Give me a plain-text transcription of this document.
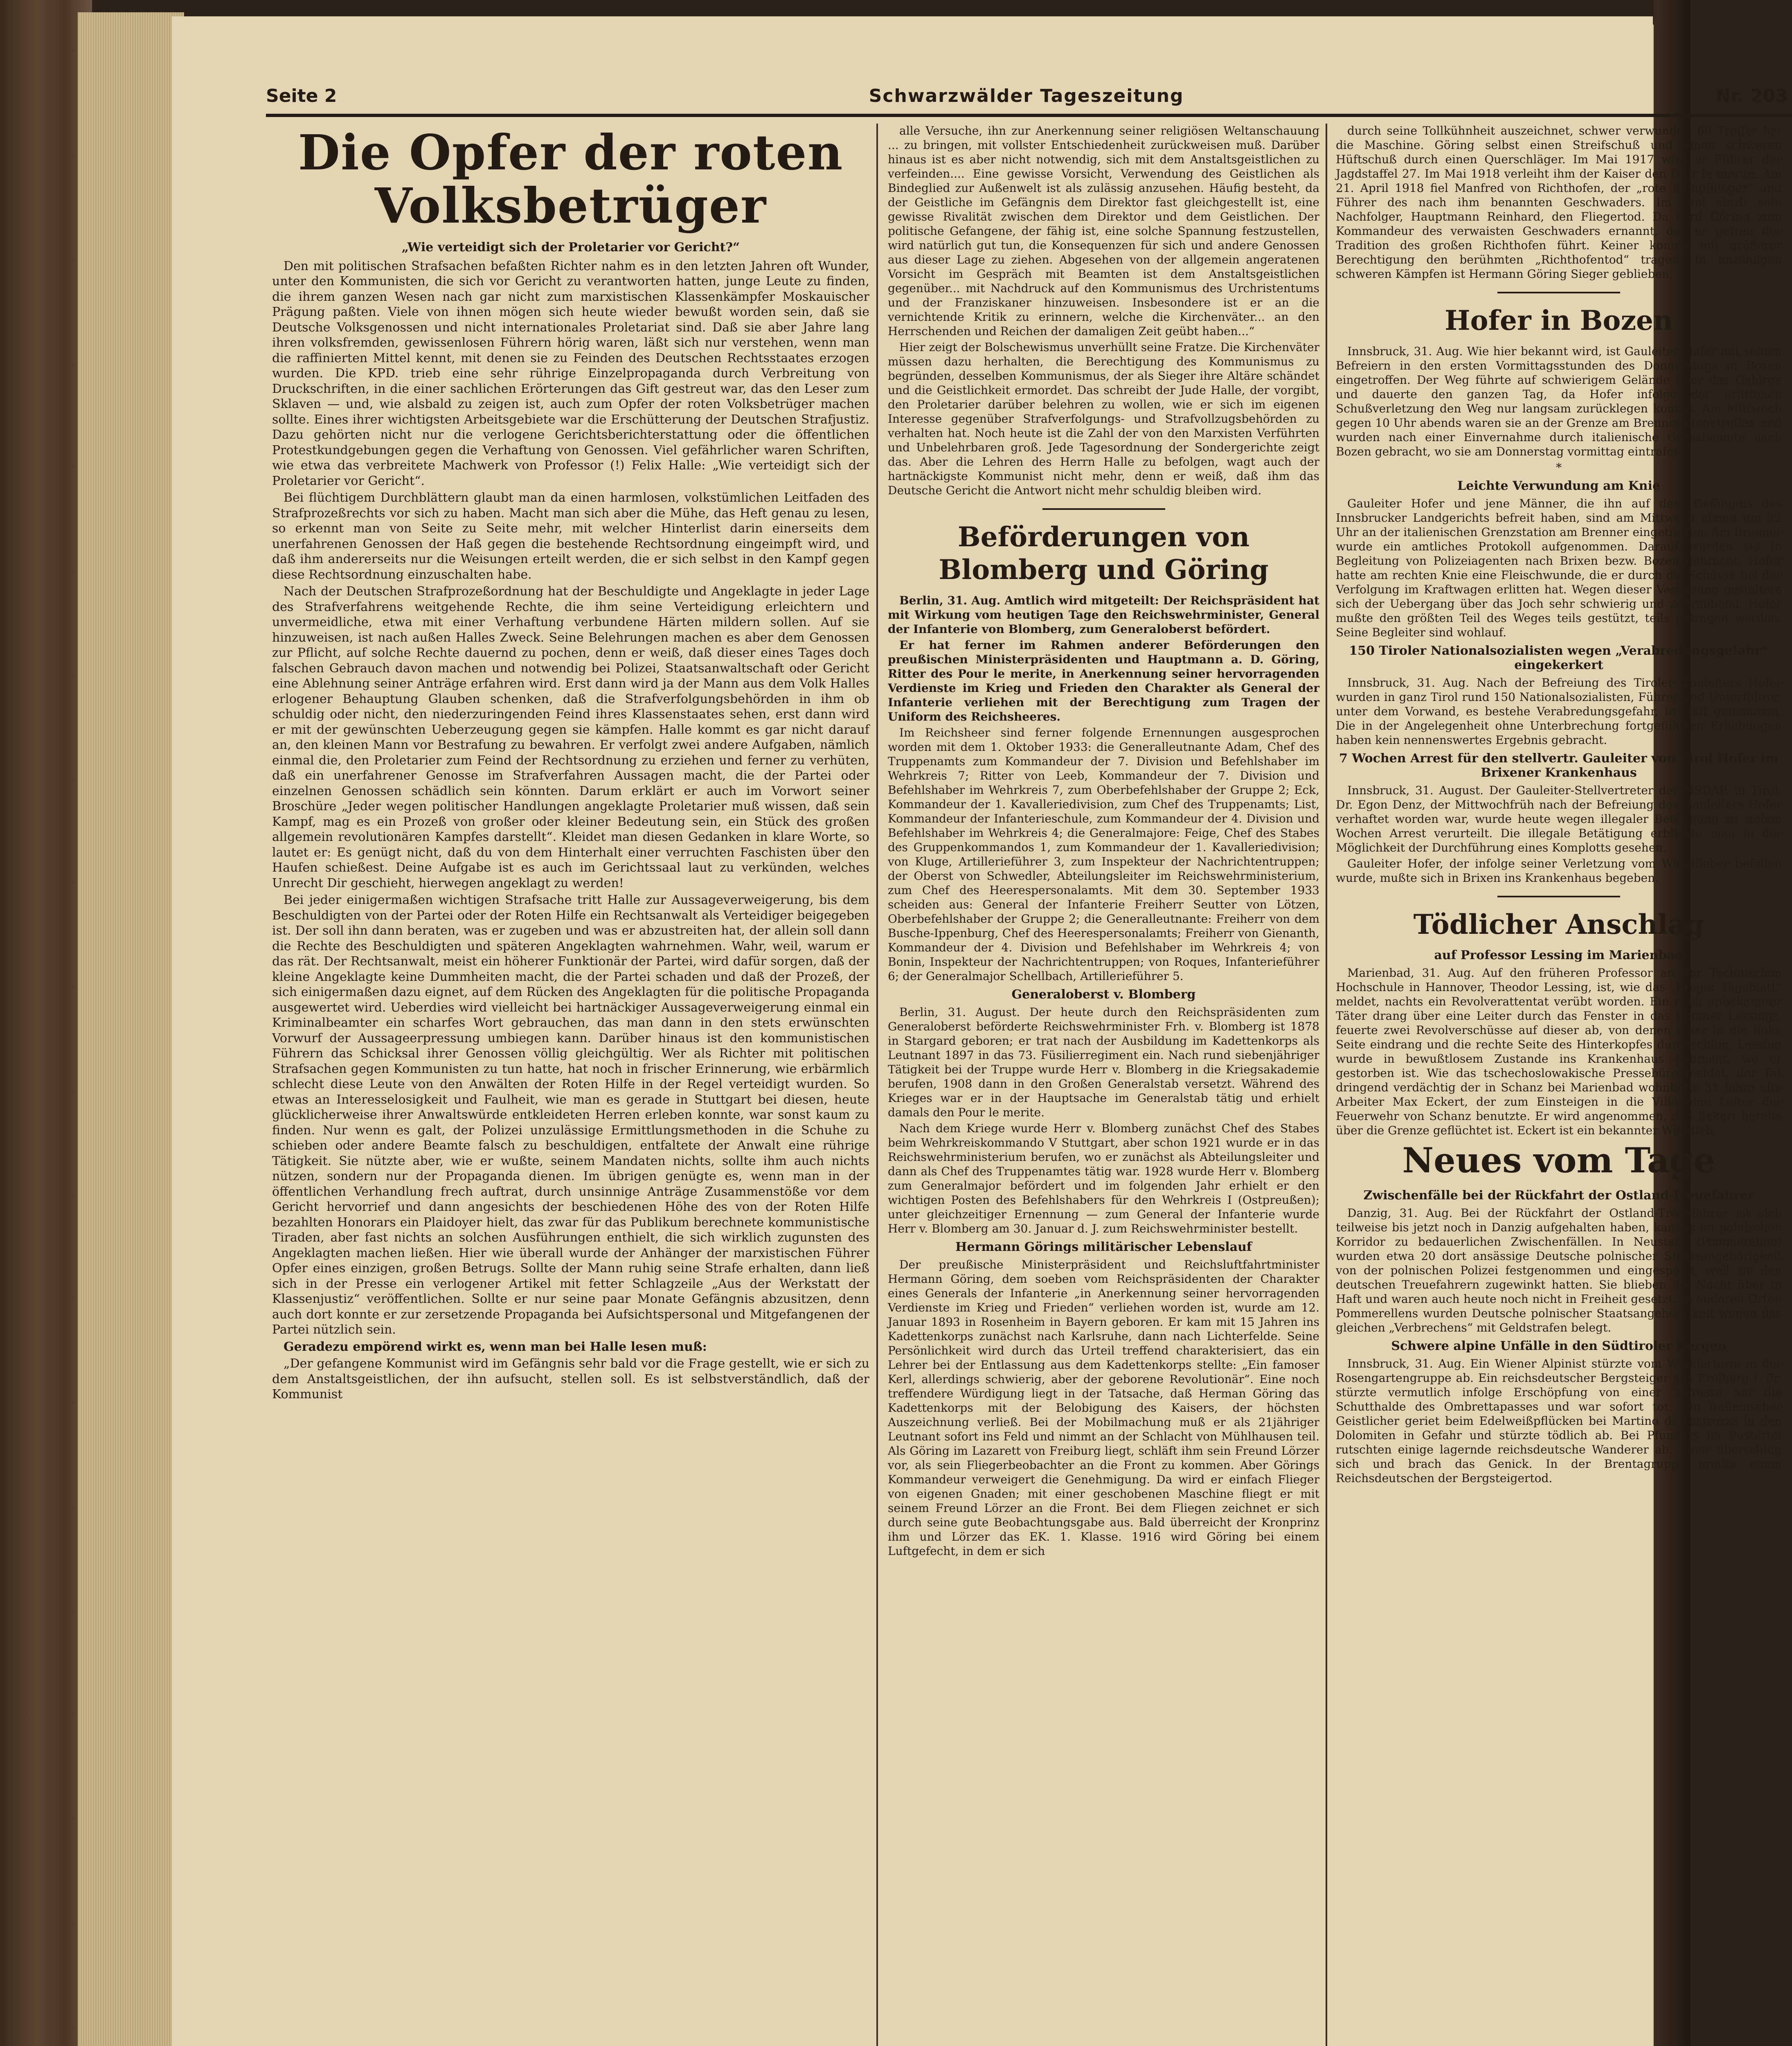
Seite 2	Schwarzwälder Tageszeitung	Nr. 203
Die Opfer der roten Volksbetrüger
„Wie verteidigt sich der Proletarier vor Gericht?“

Den mit politischen Strafsachen befaßten Richter nahm es in den letzten Jahren oft Wunder, unter den Kommunisten, die sich vor Gericht zu verantworten hatten, junge Leute zu finden, die ihrem ganzen Wesen nach gar nicht zum marxistischen Klassenkämpfer Moskauischer Prägung paßten. Viele von ihnen mögen sich heute wieder bewußt worden sein, daß sie Deutsche Volksgenossen und nicht internationales Proletariat sind. Daß sie aber Jahre lang ihren volksfremden, gewissenlosen Führern hörig waren, läßt sich nur verstehen, wenn man die raffinierten Mittel kennt, mit denen sie zu Feinden des Deutschen Rechtsstaates erzogen wurden. Die KPD. trieb eine sehr rührige Einzelpropaganda durch Verbreitung von Druckschriften, in die einer sachlichen Erörterungen das Gift gestreut war, das den Leser zum Sklaven — und, wie alsbald zu zeigen ist, auch zum Opfer der roten Volksbetrüger machen sollte. Eines ihrer wichtigsten Arbeitsgebiete war die Erschütterung der Deutschen Strafjustiz. Dazu gehörten nicht nur die verlogene Gerichtsberichterstattung oder die öffentlichen Protestkundgebungen gegen die Verhaftung von Genossen. Viel gefährlicher waren Schriften, wie etwa das verbreitete Machwerk von Professor (!) Felix Halle: „Wie verteidigt sich der Proletarier vor Gericht“.

Bei flüchtigem Durchblättern glaubt man da einen harmlosen, volkstümlichen Leitfaden des Strafprozeßrechts vor sich zu haben. Macht man sich aber die Mühe, das Heft genau zu lesen, so erkennt man von Seite zu Seite mehr, mit welcher Hinterlist darin einerseits dem unerfahrenen Genossen der Haß gegen die bestehende Rechtsordnung eingeimpft wird, und daß ihm andererseits nur die Weisungen erteilt werden, die er sich selbst in den Kampf gegen diese Rechtsordnung einzuschalten habe.

Nach der Deutschen Strafprozeßordnung hat der Beschuldigte und Angeklagte in jeder Lage des Strafverfahrens weitgehende Rechte, die ihm seine Verteidigung erleichtern und unvermeidliche, etwa mit einer Verhaftung verbundene Härten mildern sollen. Auf sie hinzuweisen, ist nach außen Halles Zweck. Seine Belehrungen machen es aber dem Genossen zur Pflicht, auf solche Rechte dauernd zu pochen, denn er weiß, daß dieser eines Tages doch falschen Gebrauch davon machen und notwendig bei Polizei, Staatsanwaltschaft oder Gericht eine Ablehnung seiner Anträge erfahren wird. Erst dann wird ja der Mann aus dem Volk Halles erlogener Behauptung Glauben schenken, daß die Strafverfolgungsbehörden in ihm ob schuldig oder nicht, den niederzuringenden Feind ihres Klassenstaates sehen, erst dann wird er mit der gewünschten Ueberzeugung gegen sie kämpfen. Halle kommt es gar nicht darauf an, den kleinen Mann vor Bestrafung zu bewahren. Er verfolgt zwei andere Aufgaben, nämlich einmal die, den Proletarier zum Feind der Rechtsordnung zu erziehen und ferner zu verhüten, daß ein unerfahrener Genosse im Strafverfahren Aussagen macht, die der Partei oder einzelnen Genossen schädlich sein könnten. Darum erklärt er auch im Vorwort seiner Broschüre „Jeder wegen politischer Handlungen angeklagte Proletarier muß wissen, daß sein Kampf, mag es ein Prozeß von großer oder kleiner Bedeutung sein, ein Stück des großen allgemein revolutionären Kampfes darstellt“. Kleidet man diesen Gedanken in klare Worte, so lautet er: Es genügt nicht, daß du von dem Hinterhalt einer verruchten Faschisten über den Haufen schießest. Deine Aufgabe ist es auch im Gerichtssaal laut zu verkünden, welches Unrecht Dir geschieht, hierwegen angeklagt zu werden!

Bei jeder einigermaßen wichtigen Strafsache tritt Halle zur Aussageverweigerung, bis dem Beschuldigten von der Partei oder der Roten Hilfe ein Rechtsanwalt als Verteidiger beigegeben ist. Der soll ihn dann beraten, was er zugeben und was er abzustreiten hat, der allein soll dann die Rechte des Beschuldigten und späteren Angeklagten wahrnehmen. Wahr, weil, warum er das rät. Der Rechtsanwalt, meist ein höherer Funktionär der Partei, wird dafür sorgen, daß der kleine Angeklagte keine Dummheiten macht, die der Partei schaden und daß der Prozeß, der sich einigermaßen dazu eignet, auf dem Rücken des Angeklagten für die politische Propaganda ausgewertet wird. Ueberdies wird vielleicht bei hartnäckiger Aussageverweigerung einmal ein Kriminalbeamter ein scharfes Wort gebrauchen, das man dann in den stets erwünschten Vorwurf der Aussageerpressung umbiegen kann. Darüber hinaus ist den kommunistischen Führern das Schicksal ihrer Genossen völlig gleichgültig. Wer als Richter mit politischen Strafsachen gegen Kommunisten zu tun hatte, hat noch in frischer Erinnerung, wie erbärmlich schlecht diese Leute von den Anwälten der Roten Hilfe in der Regel verteidigt wurden. So etwas an Interesselosigkeit und Faulheit, wie man es gerade in Stuttgart bei diesen, heute glücklicherweise ihrer Anwaltswürde entkleideten Herren erleben konnte, war sonst kaum zu finden. Nur wenn es galt, der Polizei unzulässige Ermittlungsmethoden in die Schuhe zu schieben oder andere Beamte falsch zu beschuldigen, entfaltete der Anwalt eine rührige Tätigkeit. Sie nützte aber, wie er wußte, seinem Mandaten nichts, sollte ihm auch nichts nützen, sondern nur der Propaganda dienen. Im übrigen genügte es, wenn man in der öffentlichen Verhandlung frech auftrat, durch unsinnige Anträge Zusammenstöße vor dem Gericht hervorrief und dann angesichts der beschiedenen Höhe des von der Roten Hilfe bezahlten Honorars ein Plaidoyer hielt, das zwar für das Publikum berechnete kommunistische Tiraden, aber fast nichts an solchen Ausführungen enthielt, die sich wirklich zugunsten des Angeklagten machen ließen. Hier wie überall wurde der Anhänger der marxistischen Führer Opfer eines einzigen, großen Betrugs. Sollte der Mann ruhig seine Strafe erhalten, dann ließ sich in der Presse ein verlogener Artikel mit fetter Schlagzeile „Aus der Werkstatt der Klassenjustiz“ veröffentlichen. Sollte er nur seine paar Monate Gefängnis abzusitzen, denn auch dort konnte er zur zersetzende Propaganda bei Aufsichtspersonal und Mitgefangenen der Partei nützlich sein.

Geradezu empörend wirkt es, wenn man bei Halle lesen muß:

„Der gefangene Kommunist wird im Gefängnis sehr bald vor die Frage gestellt, wie er sich zu dem Anstaltsgeistlichen, der ihn aufsucht, stellen soll. Es ist selbstverständlich, daß der Kommunist

alle Versuche, ihn zur Anerkennung seiner religiösen Weltanschauung ... zu bringen, mit vollster Entschiedenheit zurückweisen muß. Darüber hinaus ist es aber nicht notwendig, sich mit dem Anstaltsgeistlichen zu verfeinden.... Eine gewisse Vorsicht, Verwendung des Geistlichen als Bindeglied zur Außenwelt ist als zulässig anzusehen. Häufig besteht, da der Geistliche im Gefängnis dem Direktor fast gleichgestellt ist, eine gewisse Rivalität zwischen dem Direktor und dem Geistlichen. Der politische Gefangene, der fähig ist, eine solche Spannung festzustellen, wird natürlich gut tun, die Konsequenzen für sich und andere Genossen aus dieser Lage zu ziehen. Abgesehen von der allgemein angeratenen Vorsicht im Gespräch mit Beamten ist dem Anstaltsgeistlichen gegenüber... mit Nachdruck auf den Kommunismus des Urchristentums und der Franziskaner hinzuweisen. Insbesondere ist er an die vernichtende Kritik zu erinnern, welche die Kirchenväter... an den Herrschenden und Reichen der damaligen Zeit geübt haben...“

Hier zeigt der Bolschewismus unverhüllt seine Fratze. Die Kirchenväter müssen dazu herhalten, die Berechtigung des Kommunismus zu begründen, desselben Kommunismus, der als Sieger ihre Altäre schändet und die Geistlichkeit ermordet. Das schreibt der Jude Halle, der vorgibt, den Proletarier darüber belehren zu wollen, wie er sich im eigenen Interesse gegenüber Strafverfolgungs- und Strafvollzugsbehörden zu verhalten hat. Noch heute ist die Zahl der von den Marxisten Verführten und Unbelehrbaren groß. Jede Tagesordnung der Sondergerichte zeigt das. Aber die Lehren des Herrn Halle zu befolgen, wagt auch der hartnäckigste Kommunist nicht mehr, denn er weiß, daß ihm das Deutsche Gericht die Antwort nicht mehr schuldig bleiben wird.

Beförderungen von Blomberg und Göring

Berlin, 31. Aug. Amtlich wird mitgeteilt: Der Reichspräsident hat mit Wirkung vom heutigen Tage den Reichswehrminister, General der Infanterie von Blomberg, zum Generaloberst befördert.

Er hat ferner im Rahmen anderer Beförderungen den preußischen Ministerpräsidenten und Hauptmann a. D. Göring, Ritter des Pour le merite, in Anerkennung seiner hervorragenden Verdienste im Krieg und Frieden den Charakter als General der Infanterie verliehen mit der Berechtigung zum Tragen der Uniform des Reichsheeres.

Im Reichsheer sind ferner folgende Ernennungen ausgesprochen worden mit dem 1. Oktober 1933: die Generalleutnante Adam, Chef des Truppenamts zum Kommandeur der 7. Division und Befehlshaber im Wehrkreis 7; Ritter von Leeb, Kommandeur der 7. Division und Befehlshaber im Wehrkreis 7, zum Oberbefehlshaber der Gruppe 2; Eck, Kommandeur der 1. Kavalleriedivision, zum Chef des Truppenamts; List, Kommandeur der Infanterieschule, zum Kommandeur der 4. Division und Befehlshaber im Wehrkreis 4; die Generalmajore: Feige, Chef des Stabes des Gruppenkommandos 1, zum Kommandeur der 1. Kavalleriedivision; von Kluge, Artillerieführer 3, zum Inspekteur der Nachrichtentruppen; der Oberst von Schwedler, Abteilungsleiter im Reichswehrministerium, zum Chef des Heerespersonalamts. Mit dem 30. September 1933 scheiden aus: General der Infanterie Freiherr Seutter von Lötzen, Oberbefehlshaber der Gruppe 2; die Generalleutnante: Freiherr von dem Busche-Ippenburg, Chef des Heerespersonalamts; Freiherr von Gienanth, Kommandeur der 4. Division und Befehlshaber im Wehrkreis 4; von Bonin, Inspekteur der Nachrichtentruppen; von Roques, Infanterieführer 6; der Generalmajor Schellbach, Artillerieführer 5.

Generaloberst v. Blomberg

Berlin, 31. August. Der heute durch den Reichspräsidenten zum Generaloberst beförderte Reichswehrminister Frh. v. Blomberg ist 1878 in Stargard geboren; er trat nach der Ausbildung im Kadettenkorps als Leutnant 1897 in das 73. Füsilierregiment ein. Nach rund siebenjähriger Tätigkeit bei der Truppe wurde Herr v. Blomberg in die Kriegsakademie berufen, 1908 dann in den Großen Generalstab versetzt. Während des Krieges war er in der Hauptsache im Generalstab tätig und erhielt damals den Pour le merite.

Nach dem Kriege wurde Herr v. Blomberg zunächst Chef des Stabes beim Wehrkreiskommando V Stuttgart, aber schon 1921 wurde er in das Reichswehrministerium berufen, wo er zunächst als Abteilungsleiter und dann als Chef des Truppenamtes tätig war. 1928 wurde Herr v. Blomberg zum Generalmajor befördert und im folgenden Jahr erhielt er den wichtigen Posten des Befehlshabers für den Wehrkreis I (Ostpreußen); unter gleichzeitiger Ernennung — zum General der Infanterie wurde Herr v. Blomberg am 30. Januar d. J. zum Reichswehrminister bestellt.

Hermann Görings militärischer Lebenslauf

Der preußische Ministerpräsident und Reichsluftfahrtminister Hermann Göring, dem soeben vom Reichspräsidenten der Charakter eines Generals der Infanterie „in Anerkennung seiner hervorragenden Verdienste im Krieg und Frieden“ verliehen worden ist, wurde am 12. Januar 1893 in Rosenheim in Bayern geboren. Er kam mit 15 Jahren ins Kadettenkorps zunächst nach Karlsruhe, dann nach Lichterfelde. Seine Persönlichkeit wird durch das Urteil treffend charakterisiert, das ein Lehrer bei der Entlassung aus dem Kadettenkorps stellte: „Ein famoser Kerl, allerdings schwierig, aber der geborene Revolutionär“. Eine noch treffendere Würdigung liegt in der Tatsache, daß Herman Göring das Kadettenkorps mit der Belobigung des Kaisers, der höchsten Auszeichnung verließ. Bei der Mobilmachung muß er als 21jähriger Leutnant sofort ins Feld und nimmt an der Schlacht von Mühlhausen teil. Als Göring im Lazarett von Freiburg liegt, schläft ihm sein Freund Lörzer vor, als sein Fliegerbeobachter an die Front zu kommen. Aber Görings Kommandeur verweigert die Genehmigung. Da wird er einfach Flieger von eigenen Gnaden; mit einer geschobenen Maschine fliegt er mit seinem Freund Lörzer an die Front. Bei dem Fliegen zeichnet er sich durch seine gute Beobachtungsgabe aus. Bald überreicht der Kronprinz ihm und Lörzer das EK. 1. Klasse. 1916 wird Göring bei einem Luftgefecht, in dem er sich

durch seine Tollkühnheit auszeichnet, schwer verwundet. 60 Treffer hat die Maschine. Göring selbst einen Streifschuß und einen schweren Hüftschuß durch einen Querschläger. Im Mai 1917 wird er Führer der Jagdstaffel 27. Im Mai 1918 verleiht ihm der Kaiser den Pour le merite. Am 21. April 1918 fiel Manfred von Richthofen, der „rote Kampfflieger“ und Führer des nach ihm benannten Geschwaders. Im Juni starb sein Nachfolger, Hauptmann Reinhard, den Fliegertod. Da wird Göring zum Kommandeur des verwaisten Geschwaders ernannt, das er getreu der Tradition des großen Richthofen führt. Keiner konnte mit größerer Berechtigung den berühmten „Richthofentod“ tragen. In unzähligen schweren Kämpfen ist Hermann Göring Sieger geblieben.

Hofer in Bozen

Innsbruck, 31. Aug. Wie hier bekannt wird, ist Gauleiter Hofer mit seinen Befreiern in den ersten Vormittagsstunden des Donnerstags in Bozen eingetroffen. Der Weg führte auf schwierigem Gelände über das Gebirge und dauerte den ganzen Tag, da Hofer infolge der erlittenen Schußverletzung den Weg nur langsam zurücklegen konnte. Am Mittwoch gegen 10 Uhr abends waren sie an der Grenze am Brenner eingetroffen und wurden nach einer Einvernahme durch italienische Grenzbeamte nach Bozen gebracht, wo sie am Donnerstag vormittag eintrafen.

*
Leichte Verwundung am Knie

Gauleiter Hofer und jene Männer, die ihn auf dem Gefängnis des Innsbrucker Landgerichts befreit haben, sind am Mittwoch abend um 22 Uhr an der italienischen Grenzstation am Brenner eingetroffen. Am Brenner wurde ein amtliches Protokoll aufgenommen. Darauf wurden sie in Begleitung von Polizeiagenten nach Brixen bezw. Bozen gebracht. Hofer hatte am rechten Knie eine Fleischwunde, die er durch die Schüsse bei der Verfolgung im Kraftwagen erlitten hat. Wegen dieser Verletzung gestaltete sich der Uebergang über das Joch sehr schwierig und zeitraubend. Hofer mußte den größten Teil des Weges teils gestützt, teils getragen werden. Seine Begleiter sind wohlauf.

150 Tiroler Nationalsozialisten wegen „Verabredungsgefahr“ eingekerkert

Innsbruck, 31. Aug. Nach der Befreiung des Tiroler Gauleiters Hofer wurden in ganz Tirol rund 150 Nationalsozialisten, Führer und Unterführer, unter dem Vorwand, es bestehe Verabredungsgefahr, in Haft genommen. Die in der Angelegenheit ohne Unterbrechung fortgeführten Erhebungen haben kein nennenswertes Ergebnis gebracht.

7 Wochen Arrest für den stellvertr. Gauleiter von Tirol Hofer im Brixener Krankenhaus

Innsbruck, 31. August. Der Gauleiter-Stellvertreter der NSDAP. in Tirol, Dr. Egon Denz, der Mittwochfrüh nach der Befreiung des Gauleiters Hofer verhaftet worden war, wurde heute wegen illegaler Betätigung zu sieben Wochen Arrest verurteilt. Die illegale Betätigung erblickte man in der Möglichkeit der Durchführung eines Komplotts gesehen.

Gauleiter Hofer, der infolge seiner Verletzung vom Wundfieber befallen wurde, mußte sich in Brixen ins Krankenhaus begeben.

Tödlicher Anschlag
auf Professor Lessing im Marienbad

Marienbad, 31. Aug. Auf den früheren Professor an der Technischen Hochschule in Hannover, Theodor Lessing, ist, wie das „Prager Tageblatt“ meldet, nachts ein Revolverattentat verübt worden. Ein noch unbekannter Täter drang über eine Leiter durch das Fenster in das Zimmer Lessings, feuerte zwei Revolverschüsse auf dieser ab, von denen einer in die linke Seite eindrang und die rechte Seite des Hinterkopfes durchschlug. Lessing wurde in bewußtlosem Zustande ins Krankenhaus gebracht, wo er gestorben ist. Wie das tschechoslowakische Pressebüro meldet, der Tat dringend verdächtig der in Schanz bei Marienbad wohnhafte 31 Jahre alte Arbeiter Max Eckert, der zum Einsteigen in die Villa eine Leiter der Feuerwehr von Schanz benutzte. Er wird angenommen, daß Eckert bereits über die Grenze geflüchtet ist. Eckert ist ein bekannter Wilddieb.

Neues vom Tage
Zwischenfälle bei der Rückfahrt der Ostland-Treuefahrer

Danzig, 31. Aug. Bei der Rückfahrt der Ostland-Treuefahrer ist sich teilweise bis jetzt noch in Danzig aufgehalten haben, kam es im polnischen Korridor zu bedauerlichen Zwischenfällen. In Neustadt (Pommerellen) wurden etwa 20 dort ansässige Deutsche polnischer Staatsangehörigkeit von der polnischen Polizei festgenommen und eingesperrt, weil sie den deutschen Treuefahrern zugewinkt hatten. Sie blieben die Nacht über in Haft und waren auch heute noch nicht in Freiheit gesetzt. In anderen Orten Pommerellens wurden Deutsche polnischer Staatsangehörigkeit wegen des gleichen „Verbrechens“ mit Geldstrafen belegt.

Schwere alpine Unfälle in den Südtiroler Bergen

Innsbruck, 31. Aug. Ein Wiener Alpinist stürzte vom Winklerturm in der Rosengartengruppe ab. Ein reichsdeutscher Bergsteiger aus Freiburg i. Br. stürzte vermutlich infolge Erschöpfung von einer Terrasse auf die Schutthalde des Ombrettapasses und war sofort tot. Ein italienischer Geistlicher geriet beim Edelweißpflücken bei Martino di Castrozza in den Dolomiten in Gefahr und stürzte tödlich ab. Bei Pfunders im Pustertal rutschten einige lagernde reichsdeutsche Wanderer ab. Einer überschlug sich und brach das Genick. In der Brentagruppe ereilte einen Reichsdeutschen der Bergsteigertod.
